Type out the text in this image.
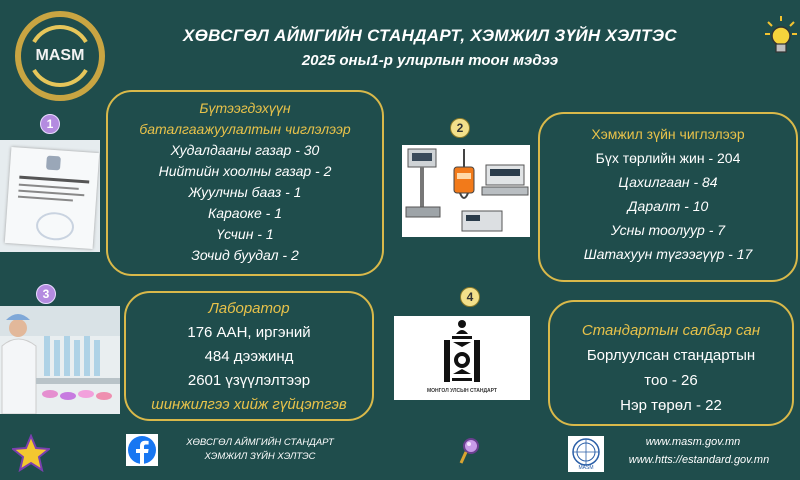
MASM
ХӨВСГӨЛ АЙМГИЙН СТАНДАРТ, ХЭМЖИЛ ЗҮЙН ХЭЛТЭС
2025 оны1-р улирлын тоон мэдээ
1
Бүтээгдэхүүн
баталгаажуулалтын чиглэлээр
Худалдааны газар - 30
Нийтийн хоолны газар - 2
Жуулчны бааз - 1
Караоке - 1
Үсчин - 1
Зочид буудал - 2
2	Хэмжил зүйн чиглэлээр
Бүх төрлийн жин - 204
Цахилгаан - 84
Даралт - 10
Усны тоолуур - 7
Шатахуун түгээгүүр - 17
3
Лаборатор
176 ААН, иргэний
484 дээжинд
2601 үзүүлэлтээр
шинжилгээ хийж гүйцэтгэв
4
МОНГОЛ УЛСЫН СТАНДАРТ
Стандартын салбар сан
Борлуулсан стандартын
тоо - 26
Нэр төрөл - 22
ХӨВСГӨЛ АЙМГИЙН СТАНДАРТ
ХЭМЖИЛ ЗҮЙН ХЭЛТЭС
MASM
www.masm.gov.mn
www.htts://estandard.gov.mn
